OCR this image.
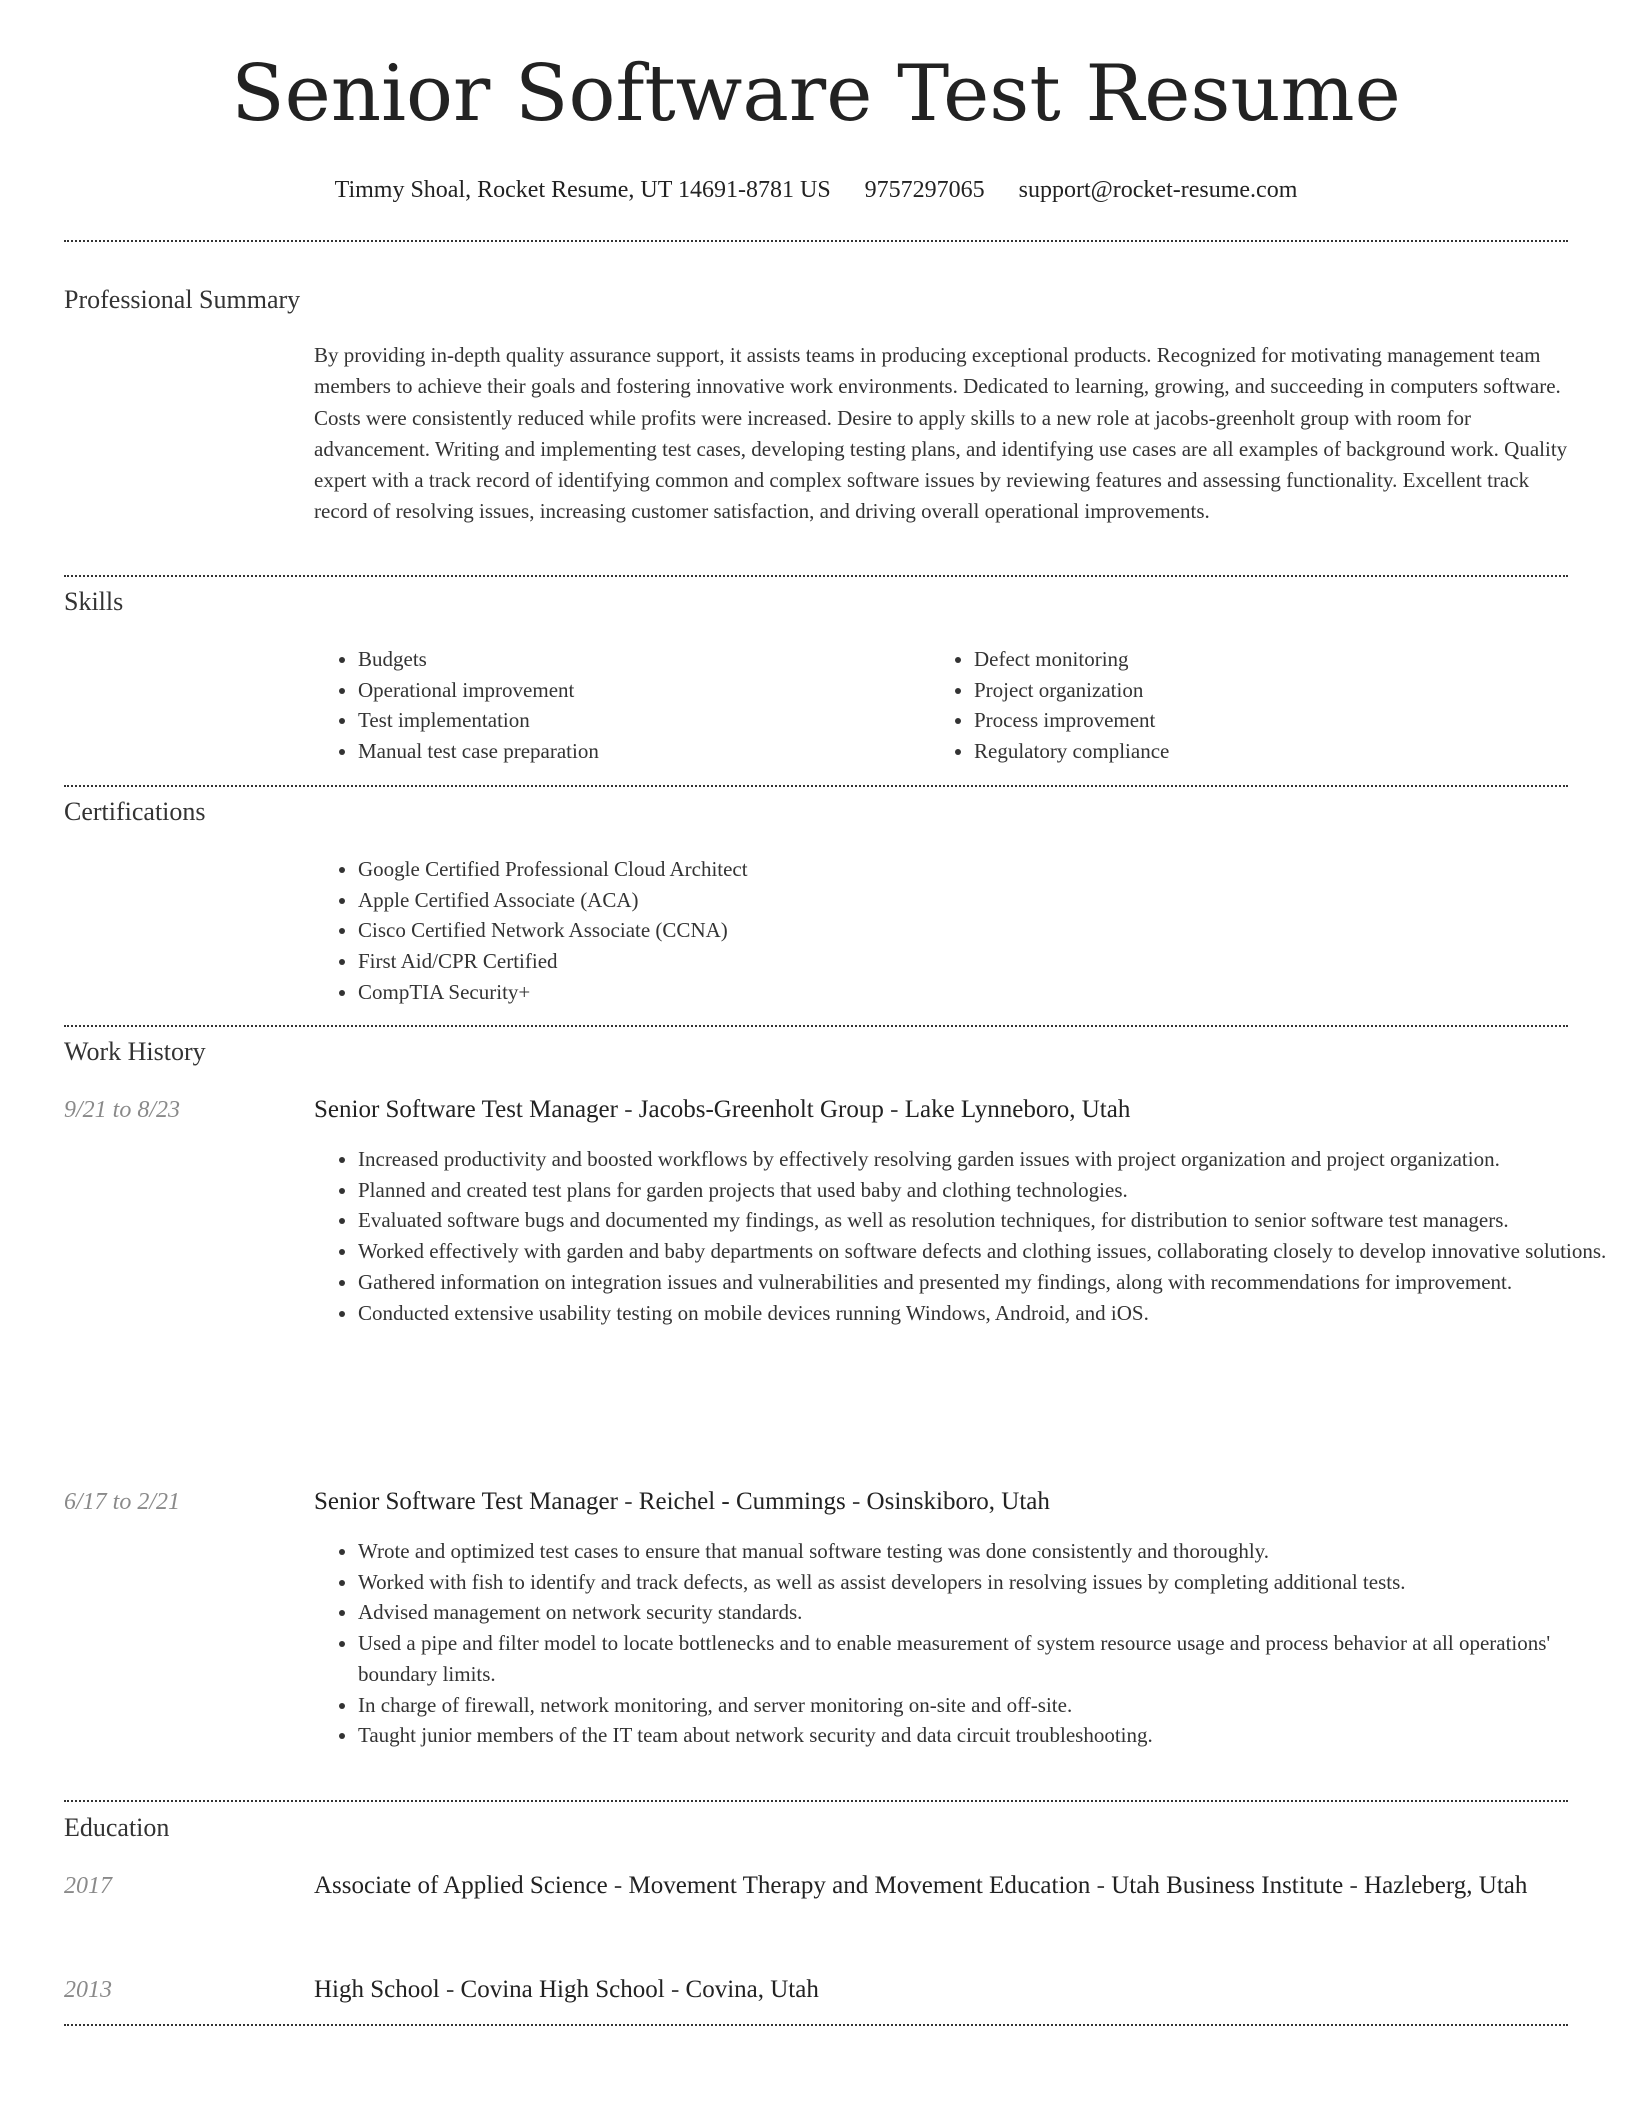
Senior Software Test Resume
Timmy Shoal, Rocket Resume, UT 14691-8781 US 9757297065 support@rocket-resume.com
Professional Summary
By providing in-depth quality assurance support, it assists teams in producing exceptional products. Recognized for motivating management team members to achieve their goals and fostering innovative work environments. Dedicated to learning, growing, and succeeding in computers software. Costs were consistently reduced while profits were increased. Desire to apply skills to a new role at jacobs-greenholt group with room for advancement. Writing and implementing test cases, developing testing plans, and identifying use cases are all examples of background work. Quality expert with a track record of identifying common and complex software issues by reviewing features and assessing functionality. Excellent track record of resolving issues, increasing customer satisfaction, and driving overall operational improvements.
Skills
• Budgets
• Operational improvement
• Test implementation
• Manual test case preparation
• Defect monitoring
• Project organization
• Process improvement
• Regulatory compliance
Certifications
• Google Certified Professional Cloud Architect
• Apple Certified Associate (ACA)
• Cisco Certified Network Associate (CCNA)
• First Aid/CPR Certified
• CompTIA Security+
Work History
9/21 to 8/23	Senior Software Test Manager - Jacobs-Greenholt Group - Lake Lynneboro, Utah
• Increased productivity and boosted workflows by effectively resolving garden issues with project organization and project organization.
• Planned and created test plans for garden projects that used baby and clothing technologies.
• Evaluated software bugs and documented my findings, as well as resolution techniques, for distribution to senior software test managers.
• Worked effectively with garden and baby departments on software defects and clothing issues, collaborating closely to develop innovative solutions.
• Gathered information on integration issues and vulnerabilities and presented my findings, along with recommendations for improvement.
• Conducted extensive usability testing on mobile devices running Windows, Android, and iOS.
6/17 to 2/21	Senior Software Test Manager - Reichel - Cummings - Osinskiboro, Utah
• Wrote and optimized test cases to ensure that manual software testing was done consistently and thoroughly.
• Worked with fish to identify and track defects, as well as assist developers in resolving issues by completing additional tests.
• Advised management on network security standards.
• Used a pipe and filter model to locate bottlenecks and to enable measurement of system resource usage and process behavior at all operations' boundary limits.
• In charge of firewall, network monitoring, and server monitoring on-site and off-site.
• Taught junior members of the IT team about network security and data circuit troubleshooting.
Education
2017	Associate of Applied Science - Movement Therapy and Movement Education - Utah Business Institute - Hazleberg, Utah
2013	High School - Covina High School - Covina, Utah
